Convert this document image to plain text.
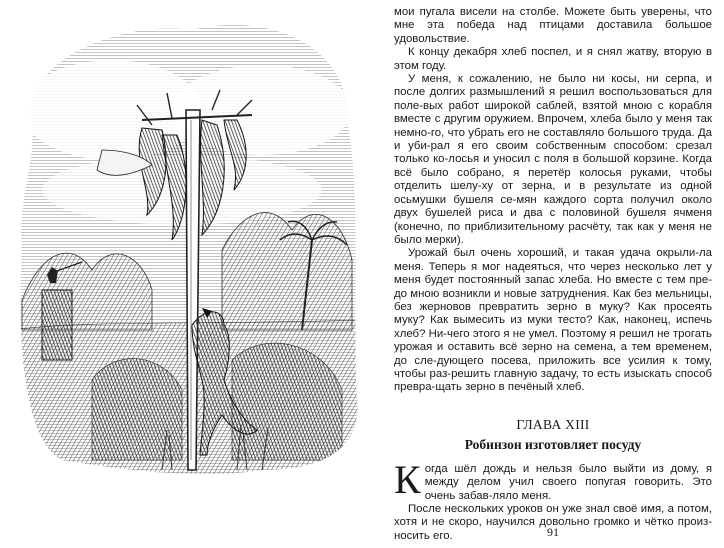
мои пугала висели на столбе. Можете быть уверены, что мне эта победа над птицами доставила большое удовольствие.

К концу декабря хлеб поспел, и я снял жатву, вторую в этом году.

У меня, к сожалению, не было ни косы, ни серпа, и после долгих размышлений я решил воспользоваться для поле-вых работ широкой саблей, взятой мною с корабля вместе с другим оружием. Впрочем, хлеба было у меня так немно-го, что убрать его не составляло большого труда. Да и уби-рал я его своим собственным способом: срезал только ко-лосья и уносил с поля в большой корзине. Когда всё было собрано, я перетёр колосья руками, чтобы отделить шелу-ху от зерна, и в результате из одной осьмушки бушеля се-мян каждого сорта получил около двух бушелей риса и два с половиной бушеля ячменя (конечно, по приблизительному расчёту, так как у меня не было мерки).

Урожай был очень хороший, и такая удача окрыли-ла меня. Теперь я мог надеяться, что через несколько лет у меня будет постоянный запас хлеба. Но вместе с тем пре-до мною возникли и новые затруднения. Как без мельницы, без жерновов превратить зерно в муку? Как просеять муку? Как вымесить из муки тесто? Как, наконец, испечь хлеб? Ни-чего этого я не умел. Поэтому я решил не трогать урожая и оставить всё зерно на семена, а тем временем, до сле-дующего посева, приложить все усилия к тому, чтобы раз-решить главную задачу, то есть изыскать способ превра-щать зерно в печёный хлеб.

ГЛАВА XIII
Робинзон изготовляет посуду

Когда шёл дождь и нельзя было выйти из дому, я между делом учил своего попугая говорить. Это очень забав-ляло меня.

После нескольких уроков он уже знал своё имя, а потом, хотя и не скоро, научился довольно громко и чётко произ-носить его.	91
